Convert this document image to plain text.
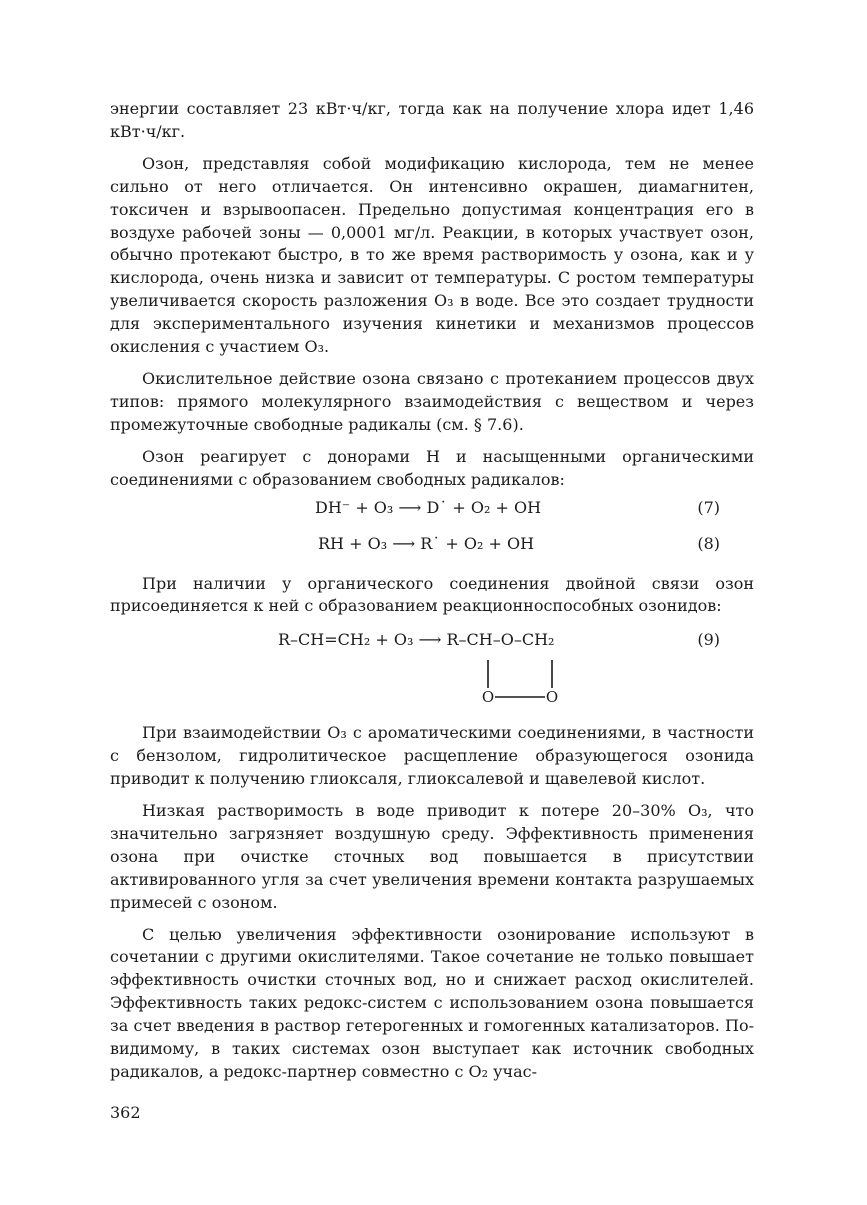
энергии составляет 23 кВт·ч/кг, тогда как на получение хлора идет 1,46 кВт·ч/кг.

Озон, представляя собой модификацию кислорода, тем не менее сильно от него отличается. Он интенсивно окрашен, диамагнитен, токсичен и взрывоопасен. Предельно допустимая концентрация его в воздухе рабочей зоны — 0,0001 мг/л. Реакции, в которых участвует озон, обычно протекают быстро, в то же время растворимость у озона, как и у кислорода, очень низка и зависит от температуры. С ростом температуры увеличивается скорость разложения O₃ в воде. Все это создает трудности для экспериментального изучения кинетики и механизмов процессов окисления с участием O₃.

Окислительное действие озона связано с протеканием процессов двух типов: прямого молекулярного взаимодействия с веществом и через промежуточные свободные радикалы (см. § 7.6).

Озон реагирует с донорами H и насыщенными органическими соединениями с образованием свободных радикалов:

DH⁻ + O₃ ⟶ D˙ + O₂ + OH	(7)
RH + O₃ ⟶ R˙ + O₂ + OH	(8)

При наличии у органического соединения двойной связи озон присоединяется к ней с образованием реакционноспособных озонидов:

R–CH=CH₂ + O₃ ⟶ R–CH–O–CH₂	(9)
O	O

При взаимодействии O₃ с ароматическими соединениями, в частности с бензолом, гидролитическое расщепление образующегося озонида приводит к получению глиоксаля, глиоксалевой и щавелевой кислот.

Низкая растворимость в воде приводит к потере 20–30% O₃, что значительно загрязняет воздушную среду. Эффективность применения озона при очистке сточных вод повышается в присутствии активированного угля за счет увеличения времени контакта разрушаемых примесей с озоном.

С целью увеличения эффективности озонирование используют в сочетании с другими окислителями. Такое сочетание не только повышает эффективность очистки сточных вод, но и снижает расход окислителей. Эффективность таких редокс-систем с использованием озона повышается за счет введения в раствор гетерогенных и гомогенных катализаторов. По-видимому, в таких системах озон выступает как источник свободных радикалов, а редокс-партнер совместно с O₂ учас-

362
